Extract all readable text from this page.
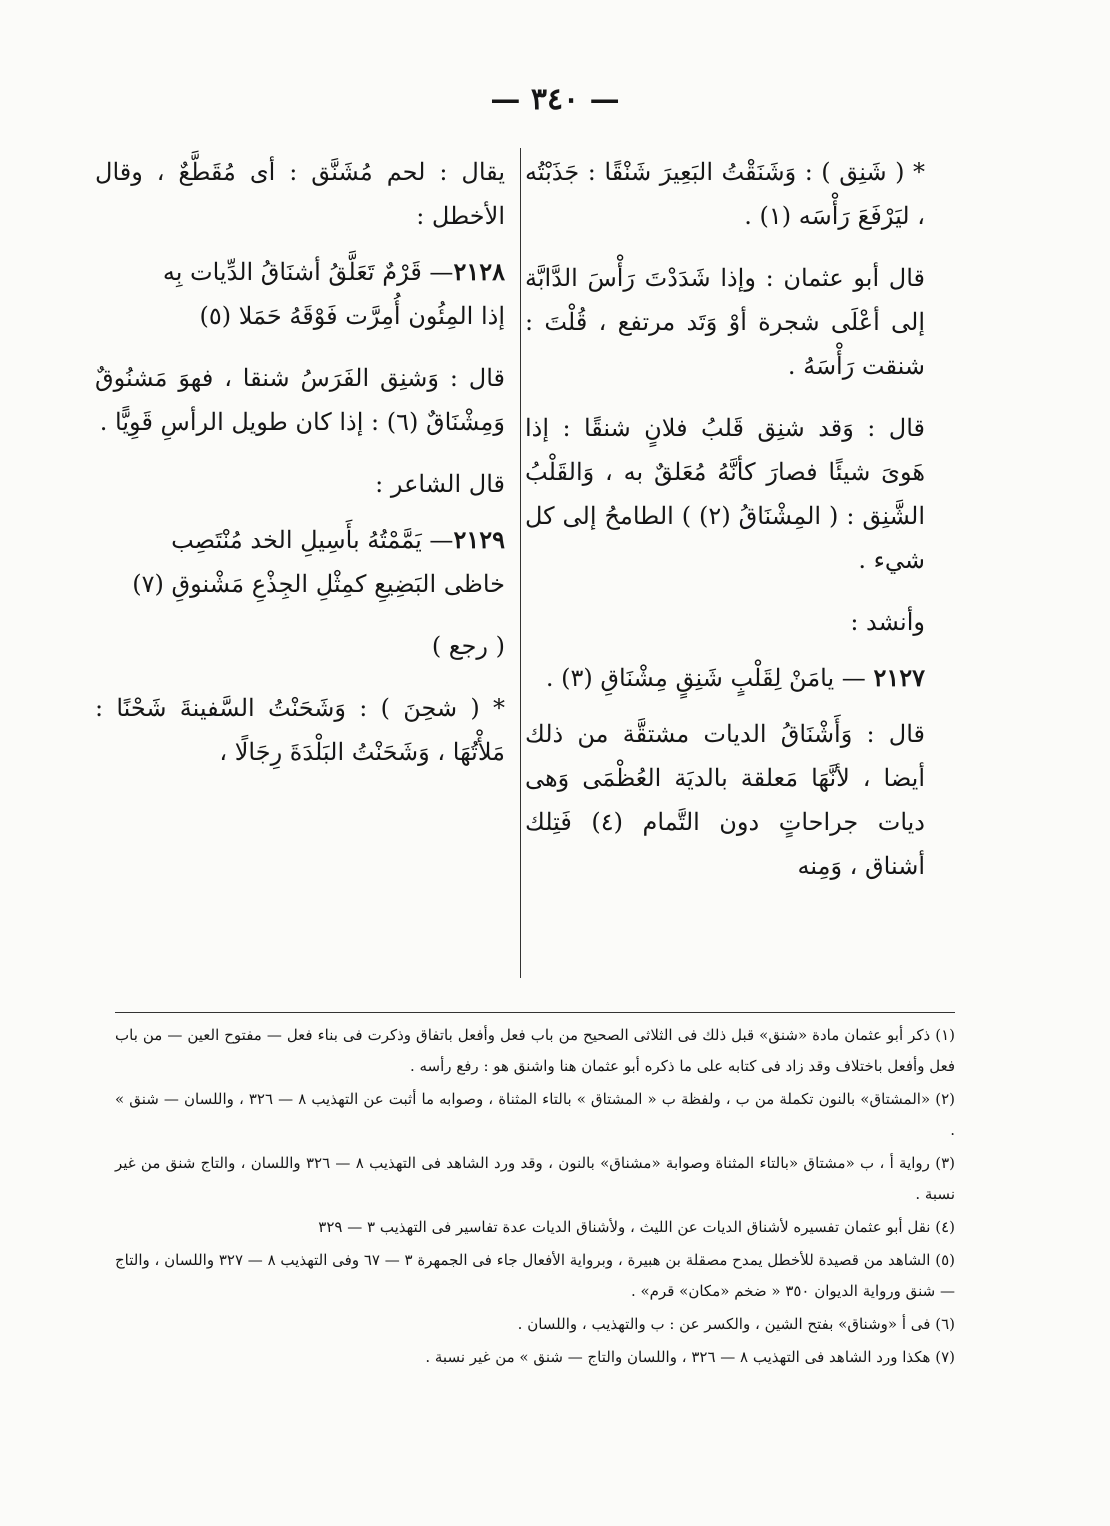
— ٣٤٠ —

* ( شَنِق ) : وَشَنَقْتُ البَعِيرَ شَنْقًا : جَذَبْتُه ، ليَرْفَعَ رَأْسَه (١) .

قال أبو عثمان : وإذا شَدَدْتَ رَأْسَ الدَّابَّة إلى أعْلَى شجرة أوْ وَتَد مرتفع ، قُلْتَ : شنقت رَأْسَهُ .

قال : وَقد شنِق قَلبُ فلانٍ شنقًا : إذا هَوىَ شيئًا فصارَ كأنَّهُ مُعَلقٌ به ، وَالقَلْبُ الشَّنِق : ( المِشْنَاقُ (٢) ) الطامحُ إلى كل شيء .

وأنشد :

٢١٢٧ — يامَنْ لِقَلْبٍ شَنِقٍ مِشْنَاقِ (٣) .

قال : وَأَشْنَاقُ الديات مشتقَّة من ذلك أيضا ، لأنَّهَا مَعلقة بالديَة العُظْمَى وَهى ديات جراحاتٍ دون التَّمام (٤) فَتِلك أشناق ، وَمِنه

يقال : لحم مُشَنَّق : أى مُقَطَّعٌ ، وقال الأخطل :

٢١٢٨— قَرْمٌ تَعَلَّقُ أشنَاقُ الدِّيات بِه

إذا المِئُون أُمِرَّت فَوْقَهُ حَمَلا (٥)

قال : وَشنِق الفَرَسُ شنقا ، فهوَ مَشنُوقٌ وَمِشْنَاقٌ (٦) : إذا كان طويل الرأسِ قَوِيًّا .

قال الشاعر :

٢١٢٩— يَمَّمْتُهُ بأَسِيلِ الخد مُنْتَصِب

خاظى البَضِيعِ كمِثْلِ الجِذْعِ مَشْنوقِ (٧)

( رجع )

* ( شحِنَ ) : وَشَحَنْتُ السَّفينةَ شَحْنًا : مَلأْتُهَا ، وَشَحَنْتُ البَلْدَةَ رِجَالًا ،

(١) ذكر أبو عثمان مادة «شنق» قبل ذلك فى الثلاثى الصحيح من باب فعل وأفعل باتفاق وذكرت فى بناء فعل — مفتوح العين — من باب فعل وأفعل باختلاف وقد زاد فى كتابه على ما ذكره أبو عثمان هنا واشنق هو : رفع رأسه .

(٢) «المشتاق» بالنون تكملة من ب ، ولفظة ب « المشتاق » بالتاء المثناة ، وصوابه ما أثبت عن التهذيب ٨ — ٣٢٦ ، واللسان — شنق » .

(٣) رواية أ ، ب «مشتاق «بالتاء المثناة وصوابة «مشناق» بالنون ، وقد ورد الشاهد فى التهذيب ٨ — ٣٢٦ واللسان ، والتاج شنق من غير نسبة .

(٤) نقل أبو عثمان تفسيره لأشناق الديات عن الليث ، ولأشناق الديات عدة تفاسير فى التهذيب ٣ — ٣٢٩

(٥) الشاهد من قصيدة للأخطل يمدح مصقلة بن هبيرة ، وبرواية الأفعال جاء فى الجمهرة ٣ — ٦٧ وفى التهذيب ٨ — ٣٢٧ واللسان ، والتاج — شنق ورواية الديوان ٣٥٠ « ضخم «مكان» قرم» .

(٦) فى أ «وشناق» بفتح الشين ، والكسر عن : ب والتهذيب ، واللسان .

(٧) هكذا ورد الشاهد فى التهذيب ٨ — ٣٢٦ ، واللسان والتاج — شنق » من غير نسبة .
